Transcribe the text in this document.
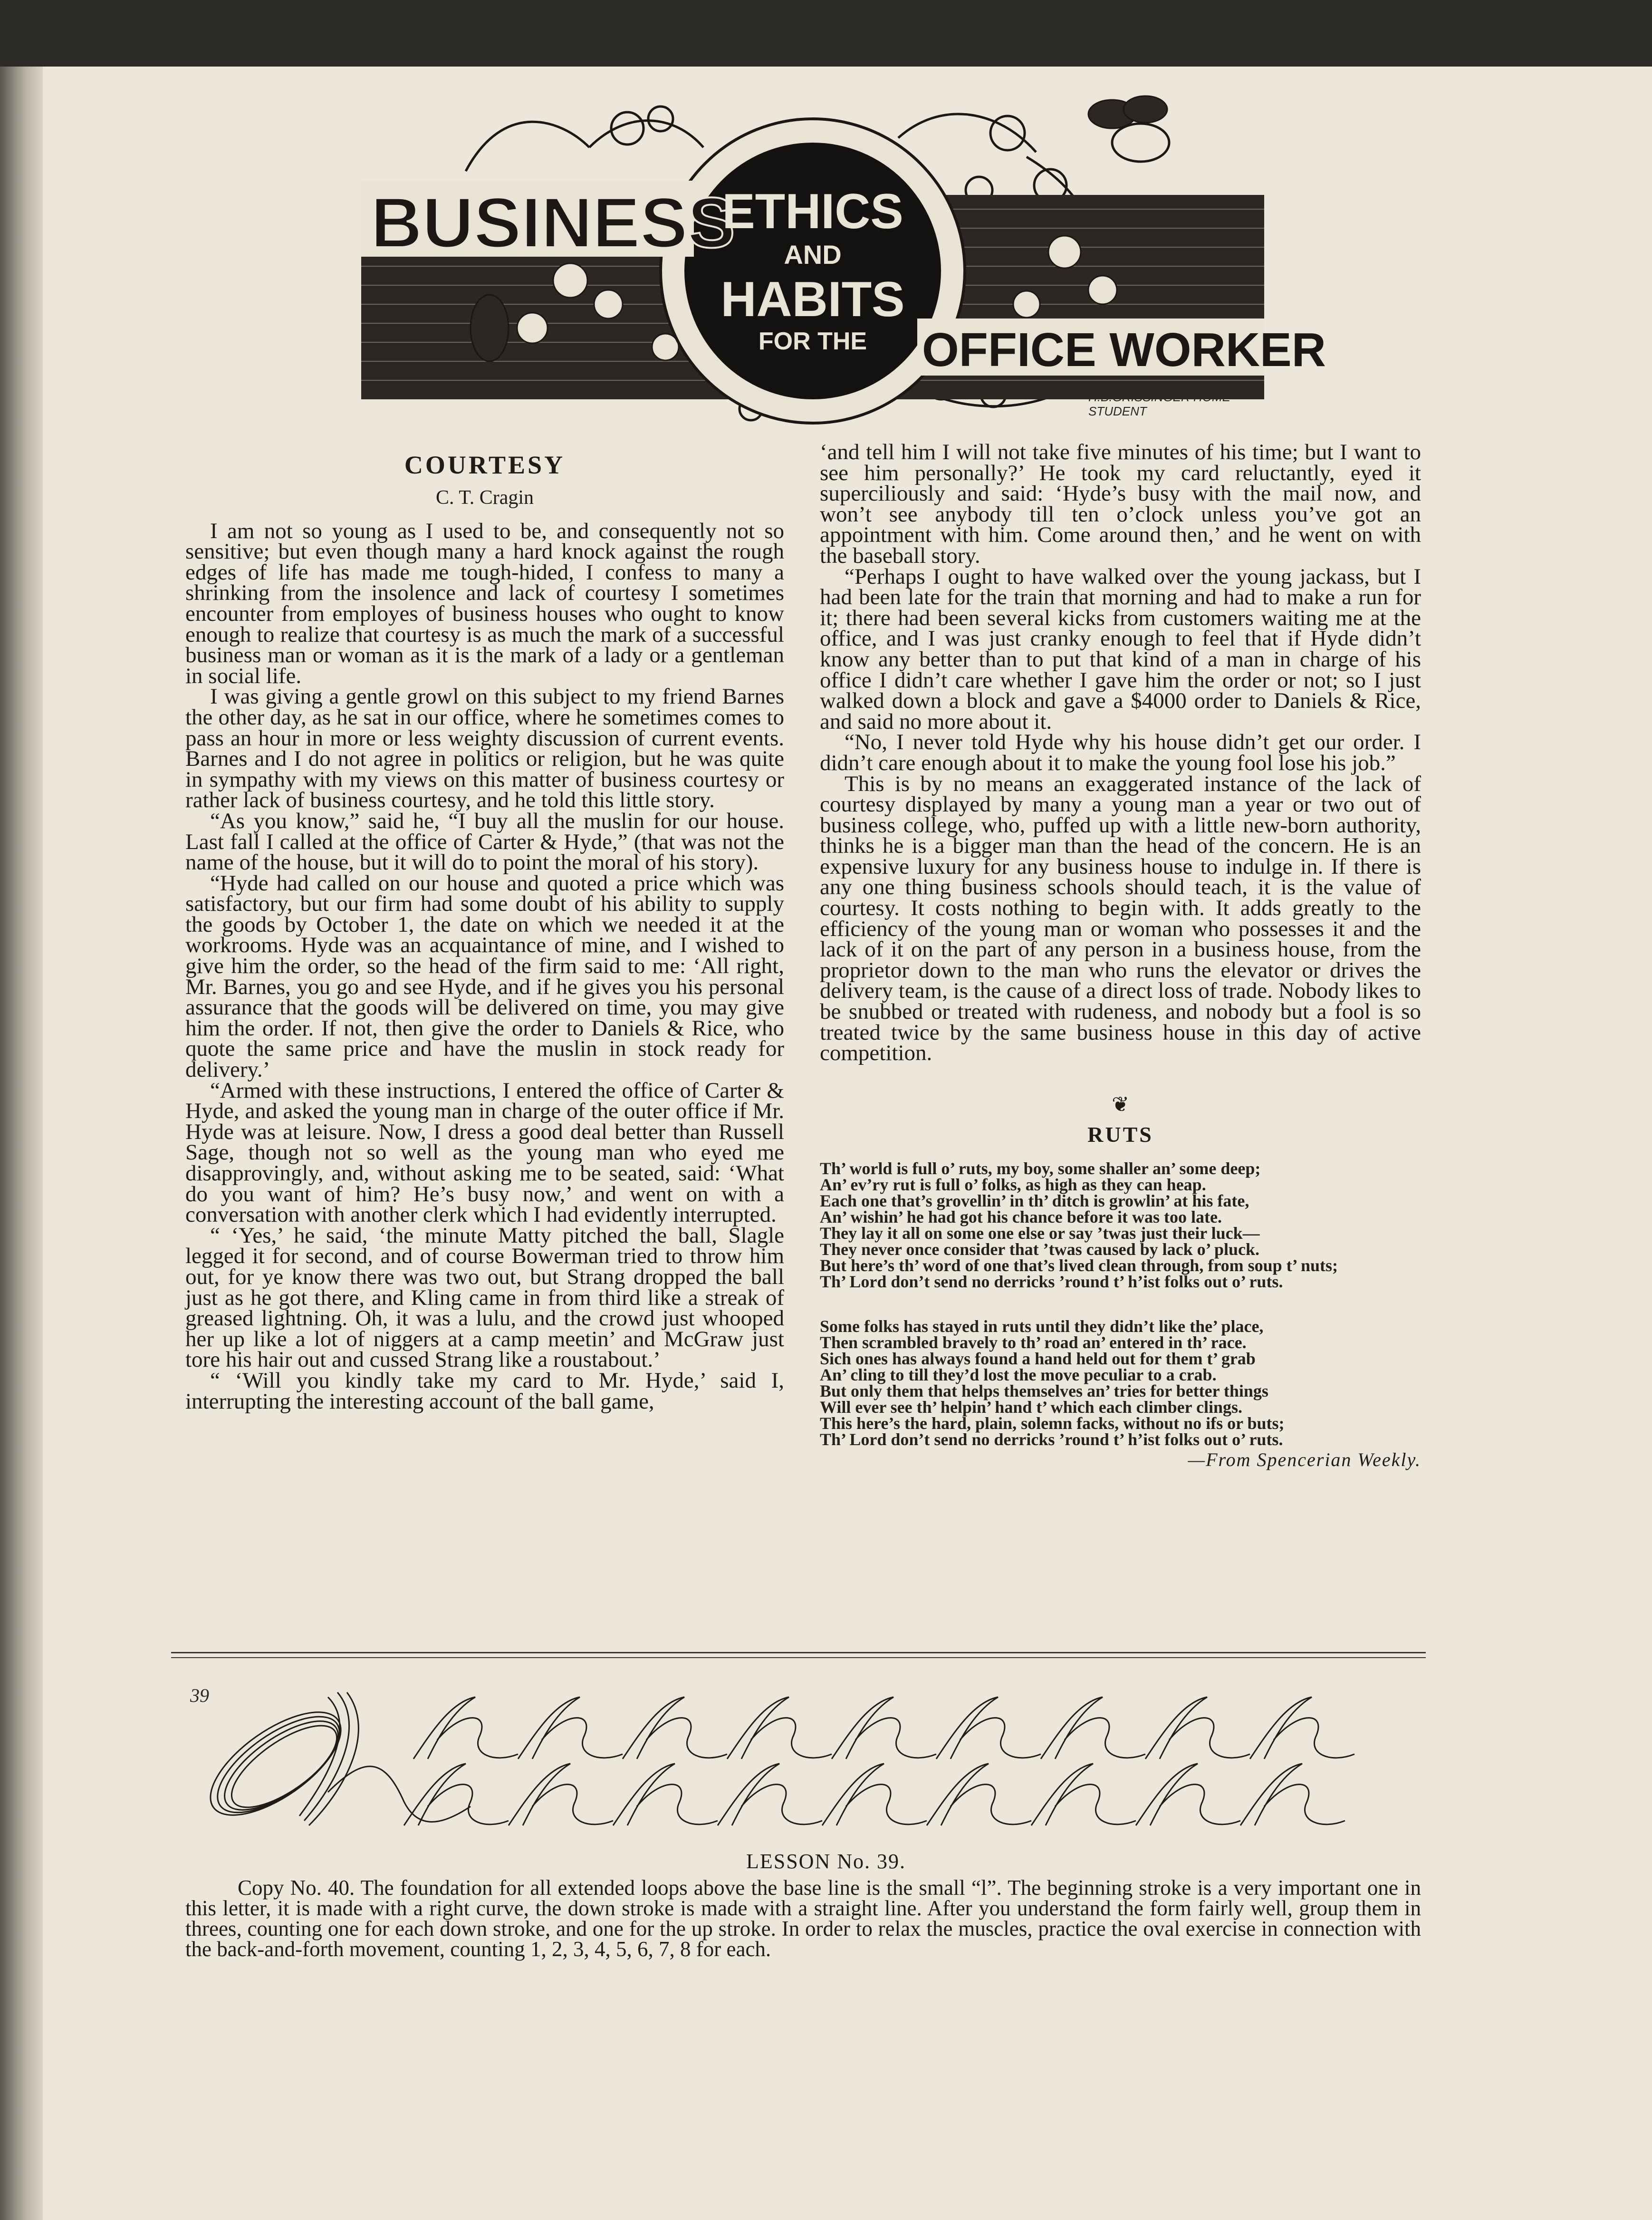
BUSINESS
ETHICS
AND
HABITS
FOR THE OFFICE WORKER
H.B.GRISSINGER HOME STUDENT
COURTESY
C. T. Cragin

I am not so young as I used to be, and consequently not so sensitive; but even though many a hard knock against the rough edges of life has made me tough-hided, I confess to many a shrinking from the insolence and lack of courtesy I sometimes encounter from employes of business houses who ought to know enough to realize that courtesy is as much the mark of a successful business man or woman as it is the mark of a lady or a gentleman in social life.

I was giving a gentle growl on this subject to my friend Barnes the other day, as he sat in our office, where he sometimes comes to pass an hour in more or less weighty discussion of current events. Barnes and I do not agree in politics or religion, but he was quite in sympathy with my views on this matter of business courtesy or rather lack of business courtesy, and he told this little story.

“As you know,” said he, “I buy all the muslin for our house. Last fall I called at the office of Carter & Hyde,” (that was not the name of the house, but it will do to point the moral of his story).

“Hyde had called on our house and quoted a price which was satisfactory, but our firm had some doubt of his ability to supply the goods by October 1, the date on which we needed it at the workrooms. Hyde was an acquaintance of mine, and I wished to give him the order, so the head of the firm said to me: ‘All right, Mr. Barnes, you go and see Hyde, and if he gives you his personal assurance that the goods will be delivered on time, you may give him the order. If not, then give the order to Daniels & Rice, who quote the same price and have the muslin in stock ready for delivery.’

“Armed with these instructions, I entered the office of Carter & Hyde, and asked the young man in charge of the outer office if Mr. Hyde was at leisure. Now, I dress a good deal better than Russell Sage, though not so well as the young man who eyed me disapprovingly, and, without asking me to be seated, said: ‘What do you want of him? He’s busy now,’ and went on with a conversation with another clerk which I had evidently interrupted.

“ ‘Yes,’ he said, ‘the minute Matty pitched the ball, Slagle legged it for second, and of course Bowerman tried to throw him out, for ye know there was two out, but Strang dropped the ball just as he got there, and Kling came in from third like a streak of greased lightning. Oh, it was a lulu, and the crowd just whooped her up like a lot of niggers at a camp meetin’ and McGraw just tore his hair out and cussed Strang like a roustabout.’

“ ‘Will you kindly take my card to Mr. Hyde,’ said I, interrupting the interesting account of the ball game,

‘and tell him I will not take five minutes of his time; but I want to see him personally?’ He took my card reluctantly, eyed it superciliously and said: ‘Hyde’s busy with the mail now, and won’t see anybody till ten o’clock unless you’ve got an appointment with him. Come around then,’ and he went on with the baseball story.

“Perhaps I ought to have walked over the young jackass, but I had been late for the train that morning and had to make a run for it; there had been several kicks from customers waiting me at the office, and I was just cranky enough to feel that if Hyde didn’t know any better than to put that kind of a man in charge of his office I didn’t care whether I gave him the order or not; so I just walked down a block and gave a $4000 order to Daniels & Rice, and said no more about it.

“No, I never told Hyde why his house didn’t get our order. I didn’t care enough about it to make the young fool lose his job.”

This is by no means an exaggerated instance of the lack of courtesy displayed by many a young man a year or two out of business college, who, puffed up with a little new-born authority, thinks he is a bigger man than the head of the concern. He is an expensive luxury for any business house to indulge in. If there is any one thing business schools should teach, it is the value of courtesy. It costs nothing to begin with. It adds greatly to the efficiency of the young man or woman who possesses it and the lack of it on the part of any person in a business house, from the proprietor down to the man who runs the elevator or drives the delivery team, is the cause of a direct loss of trade. Nobody likes to be snubbed or treated with rudeness, and nobody but a fool is so treated twice by the same business house in this day of active competition.

❦
RUTS
Th’ world is full o’ ruts, my boy, some shaller an’ some deep;
An’ ev’ry rut is full o’ folks, as high as they can heap.
Each one that’s grovellin’ in th’ ditch is growlin’ at his fate,
An’ wishin’ he had got his chance before it was too late.
They lay it all on some one else or say ’twas just their luck—
They never once consider that ’twas caused by lack o’ pluck.
But here’s th’ word of one that’s lived clean through, from soup t’ nuts;
Th’ Lord don’t send no derricks ’round t’ h’ist folks out o’ ruts.
Some folks has stayed in ruts until they didn’t like the’ place,
Then scrambled bravely to th’ road an’ entered in th’ race.
Sich ones has always found a hand held out for them t’ grab
An’ cling to till they’d lost the move peculiar to a crab.
But only them that helps themselves an’ tries for better things
Will ever see th’ helpin’ hand t’ which each climber clings.
This here’s the hard, plain, solemn facks, without no ifs or buts;
Th’ Lord don’t send no derricks ’round t’ h’ist folks out o’ ruts.
—From Spencerian Weekly.
39
LESSON No. 39.

Copy No. 40. The foundation for all extended loops above the base line is the small “l”. The beginning stroke is a very important one in this letter, it is made with a right curve, the down stroke is made with a straight line. After you understand the form fairly well, group them in threes, counting one for each down stroke, and one for the up stroke. In order to relax the muscles, practice the oval exercise in connection with the back-and-forth movement, counting 1, 2, 3, 4, 5, 6, 7, 8 for each.
